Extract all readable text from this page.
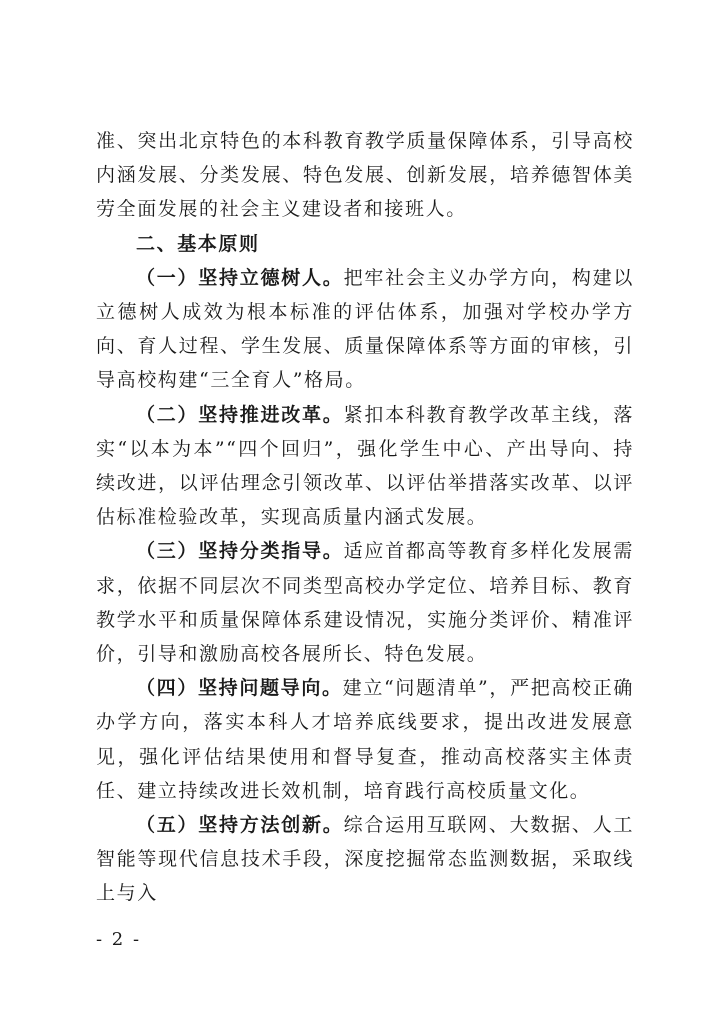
准、突出北京特色的本科教育教学质量保障体系，引导高校内涵发展、分类发展、特色发展、创新发展，培养德智体美劳全面发展的社会主义建设者和接班人。

二、基本原则

（一）坚持立德树人。把牢社会主义办学方向，构建以立德树人成效为根本标准的评估体系，加强对学校办学方向、育人过程、学生发展、质量保障体系等方面的审核，引导高校构建“三全育人”格局。

（二）坚持推进改革。紧扣本科教育教学改革主线，落实“以本为本”“四个回归”，强化学生中心、产出导向、持续改进，以评估理念引领改革、以评估举措落实改革、以评估标准检验改革，实现高质量内涵式发展。

（三）坚持分类指导。适应首都高等教育多样化发展需求，依据不同层次不同类型高校办学定位、培养目标、教育教学水平和质量保障体系建设情况，实施分类评价、精准评价，引导和激励高校各展所长、特色发展。

（四）坚持问题导向。建立“问题清单”，严把高校正确办学方向，落实本科人才培养底线要求，提出改进发展意见，强化评估结果使用和督导复查，推动高校落实主体责任、建立持续改进长效机制，培育践行高校质量文化。

（五）坚持方法创新。综合运用互联网、大数据、人工智能等现代信息技术手段，深度挖掘常态监测数据，采取线上与入

- 2 -
